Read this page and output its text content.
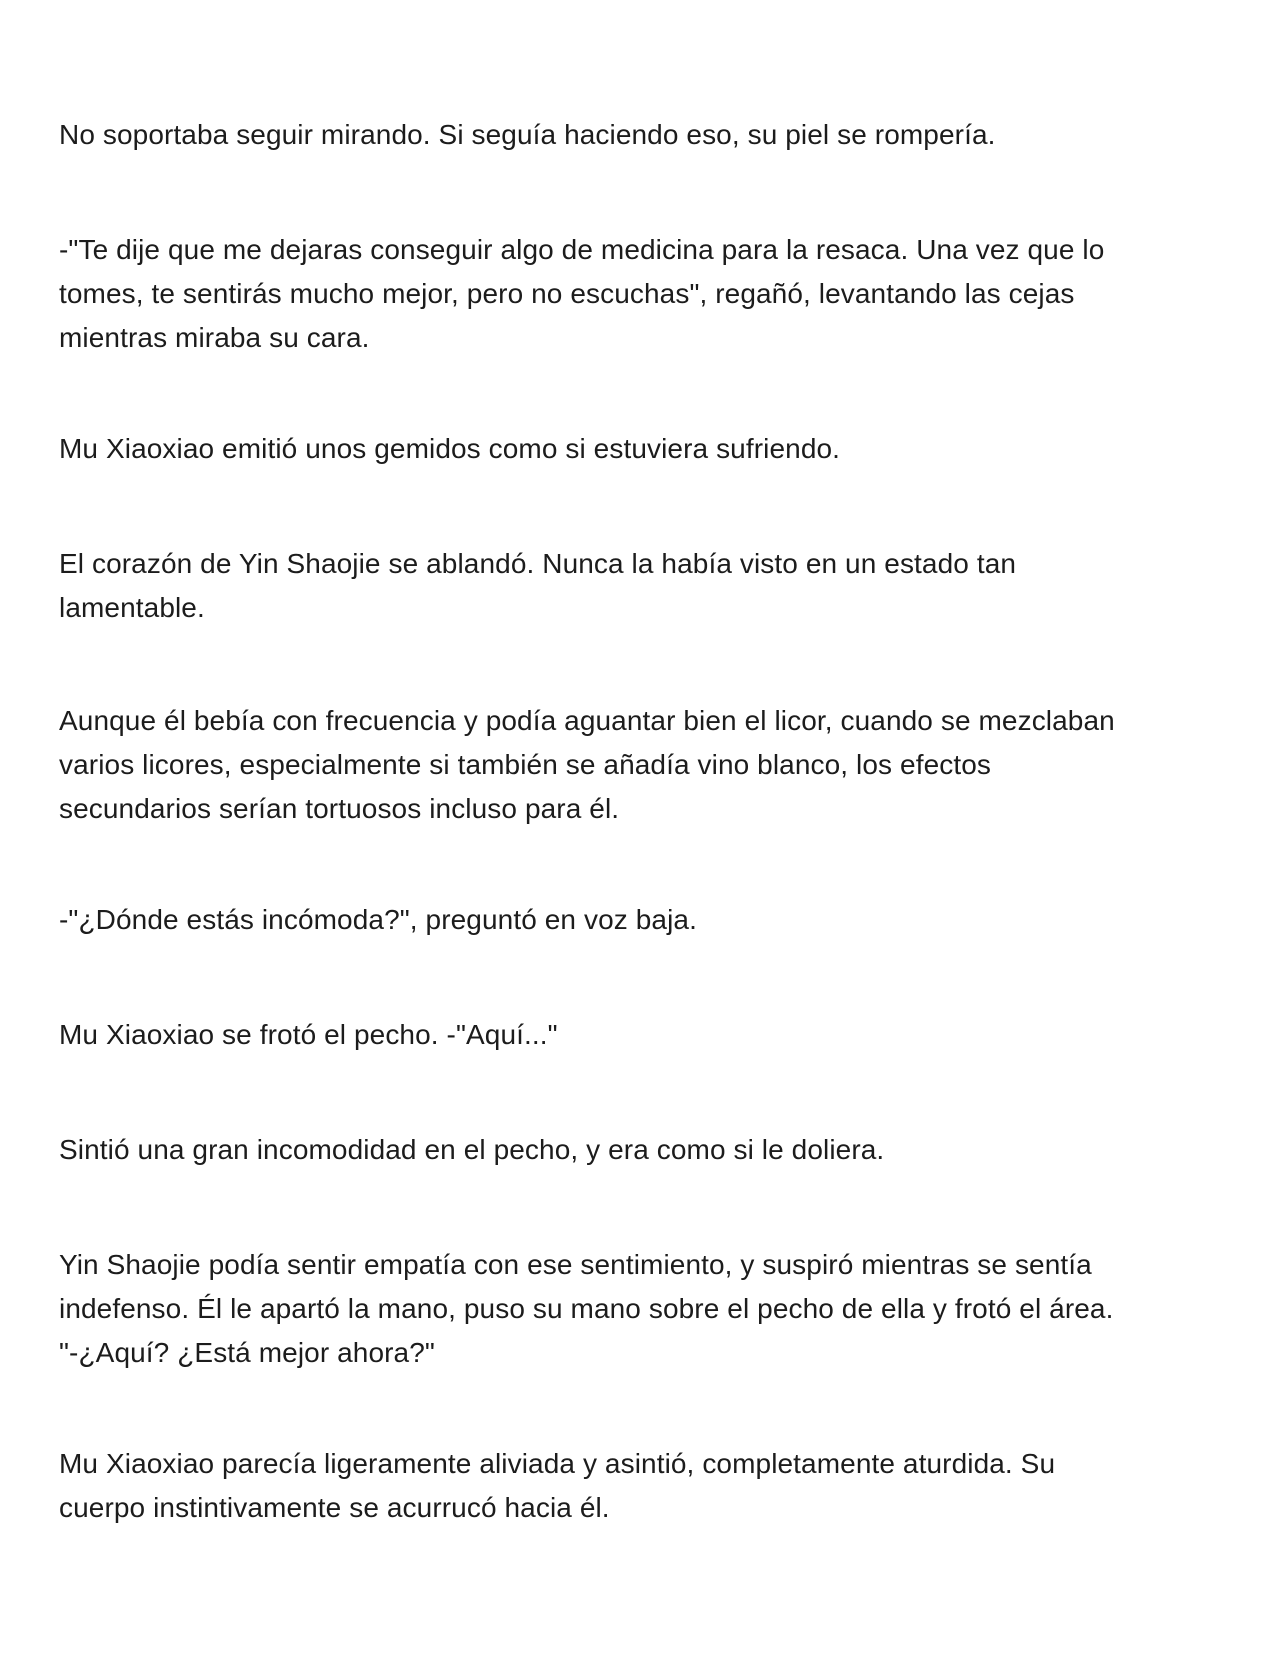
No soportaba seguir mirando. Si seguía haciendo eso, su piel se rompería.

-"Te dije que me dejaras conseguir algo de medicina para la resaca. Una vez que lo
tomes, te sentirás mucho mejor, pero no escuchas", regañó, levantando las cejas
mientras miraba su cara.

Mu Xiaoxiao emitió unos gemidos como si estuviera sufriendo.

El corazón de Yin Shaojie se ablandó. Nunca la había visto en un estado tan
lamentable.

Aunque él bebía con frecuencia y podía aguantar bien el licor, cuando se mezclaban
varios licores, especialmente si también se añadía vino blanco, los efectos
secundarios serían tortuosos incluso para él.

-"¿Dónde estás incómoda?", preguntó en voz baja.

Mu Xiaoxiao se frotó el pecho. -"Aquí..."

Sintió una gran incomodidad en el pecho, y era como si le doliera.

Yin Shaojie podía sentir empatía con ese sentimiento, y suspiró mientras se sentía
indefenso. Él le apartó la mano, puso su mano sobre el pecho de ella y frotó el área.
"-¿Aquí? ¿Está mejor ahora?"

Mu Xiaoxiao parecía ligeramente aliviada y asintió, completamente aturdida. Su
cuerpo instintivamente se acurrucó hacia él.
